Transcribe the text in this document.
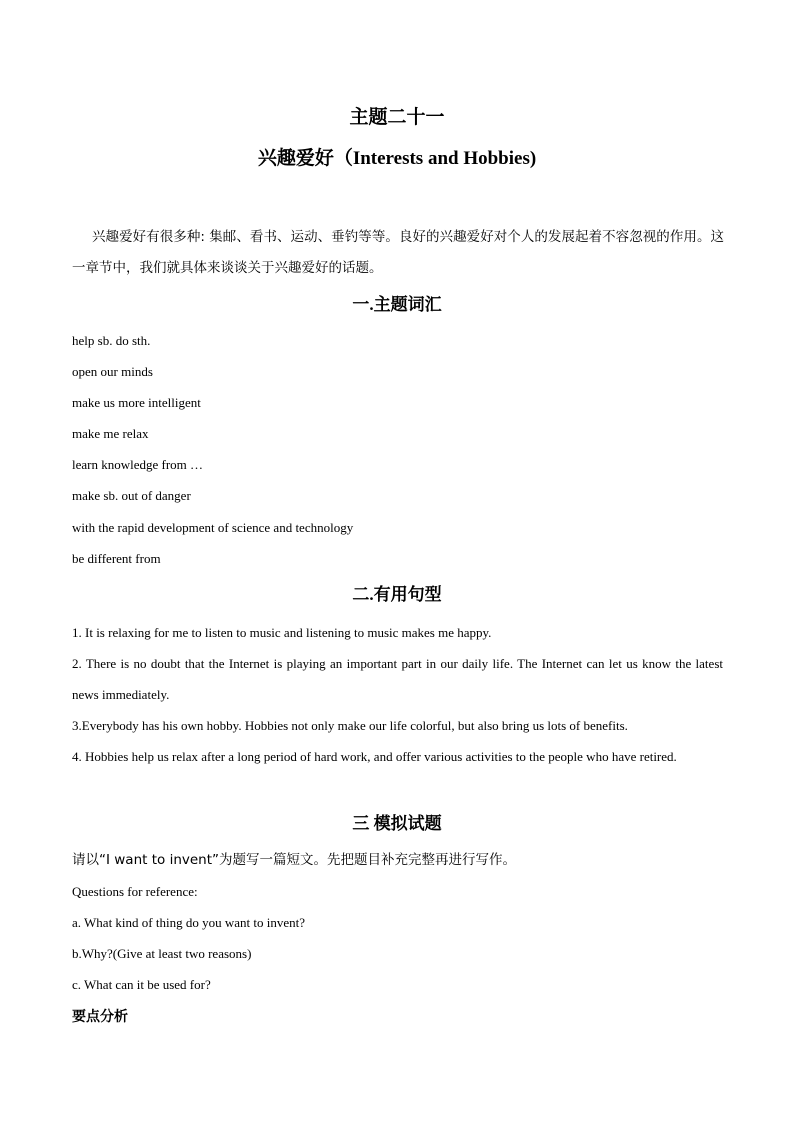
主题二十一
兴趣爱好（Interests and Hobbies)
兴趣爱好有很多种: 集邮、看书、运动、垂钓等等。良好的兴趣爱好对个人的发展起着不容忽视的作用。这一章节中，我们就具体来谈谈关于兴趣爱好的话题。
一.主题词汇
help sb. do sth.
open our minds
make us more intelligent
make me relax
learn knowledge from …
make sb. out of danger
with the rapid development of science and technology
be different from
二.有用句型
1. It is relaxing for me to listen to music and listening to music makes me happy.
2. There is no doubt that the Internet is playing an important part in our daily life. The Internet can let us know the latest news immediately.
3.Everybody has his own hobby. Hobbies not only make our life colorful, but also bring us lots of benefits.
4. Hobbies help us relax after a long period of hard work, and offer various activities to the people who have retired.
三 模拟试题
请以“I want to invent”为题写一篇短文。先把题目补充完整再进行写作。
Questions for reference:
a. What kind of thing do you want to invent?
b.Why?(Give at least two reasons)
c. What can it be used for?
要点分析
